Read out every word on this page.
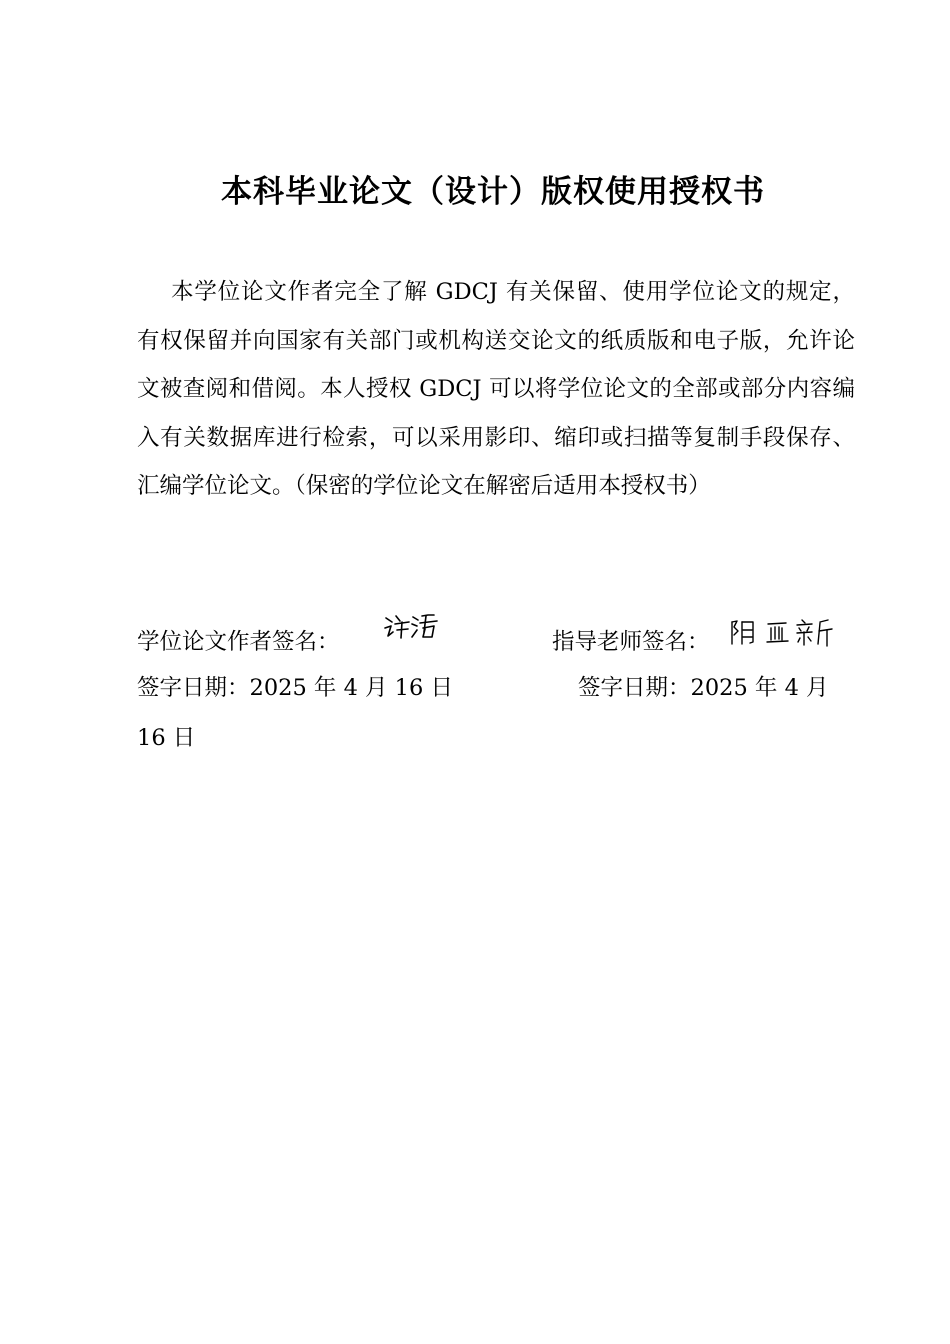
本科毕业论文（设计）版权使用授权书
本学位论文作者完全了解 GDCJ 有关保留、使用学位论文的规定，有权保留并向国家有关部门或机构送交论文的纸质版和电子版，允许论文被查阅和借阅。本人授权 GDCJ 可以将学位论文的全部或部分内容编入有关数据库进行检索，可以采用影印、缩印或扫描等复制手段保存、汇编学位论文。（保密的学位论文在解密后适用本授权书）
学位论文作者签名：	指导老师签名：
签字日期：2025 年 4 月 16 日	签字日期：2025 年 4 月
16 日
